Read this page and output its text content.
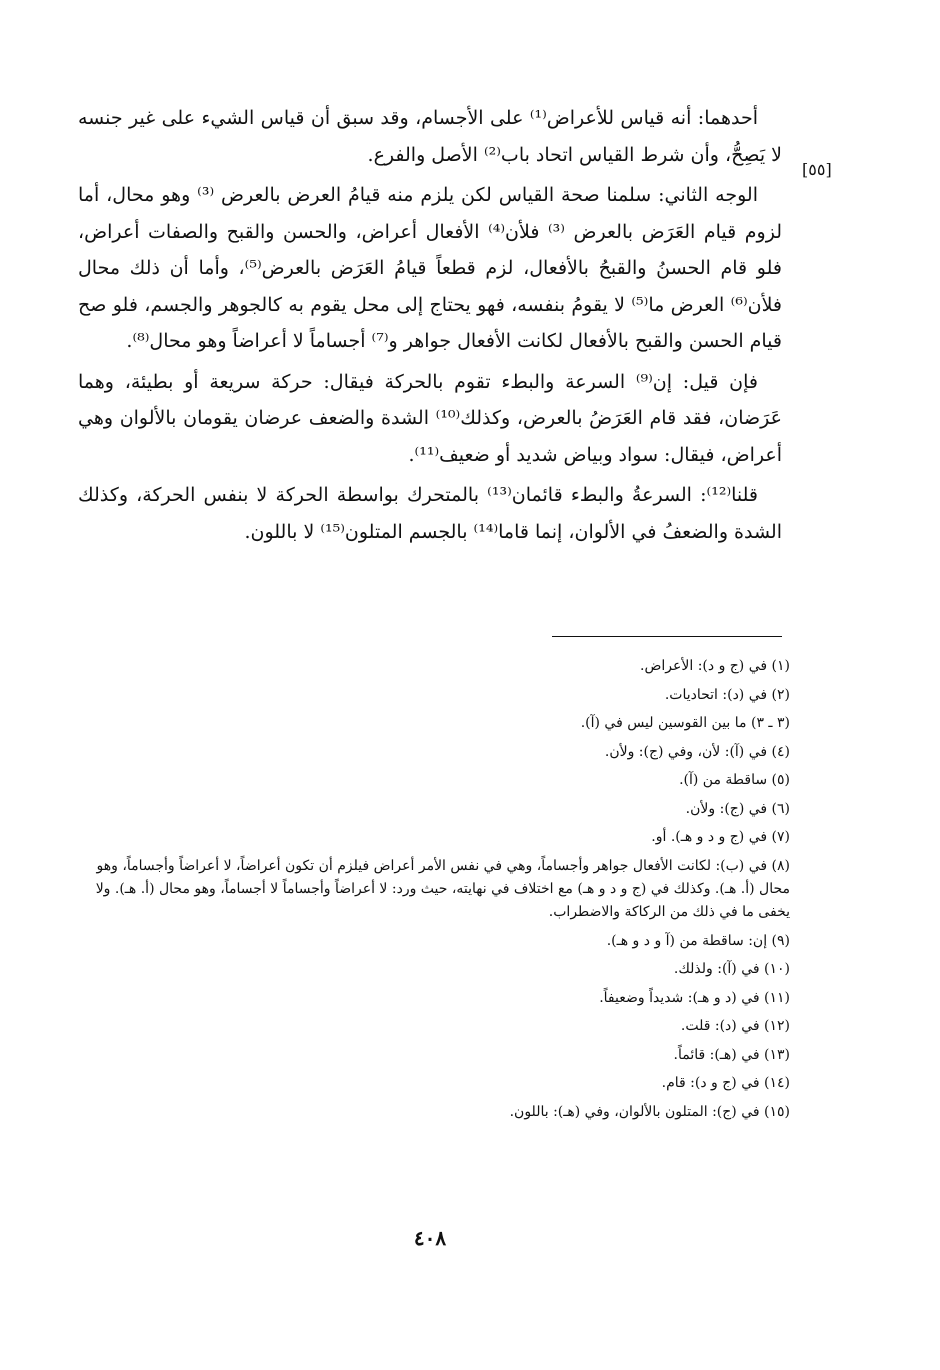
[٥٥]

أحدهما: أنه قياس للأعراض⁽¹⁾ على الأجسام، وقد سبق أن قياس الشيء على غير جنسه لا يَصِحُّ، وأن شرط القياس اتحاد باب⁽²⁾ الأصل والفرع.

الوجه الثاني: سلمنا صحة القياس لكن يلزم منه قيامُ العرض بالعرض ⁽³⁾ وهو محال، أما لزوم قيام العَرَض بالعرض ⁽³⁾ فلأن⁽⁴⁾ الأفعال أعراض، والحسن والقبح والصفات أعراض، فلو قام الحسنُ والقبحُ بالأفعال، لزم قطعاً قيامُ العَرَض بالعرض⁽⁵⁾، وأما أن ذلك محال فلأن⁽⁶⁾ العرض ما⁽⁵⁾ لا يقومُ بنفسه، فهو يحتاج إلى محل يقوم به كالجوهر والجسم، فلو صح قيام الحسن والقبح بالأفعال لكانت الأفعال جواهر و⁽⁷⁾ أجساماً لا أعراضاً وهو محال⁽⁸⁾.

فإن قيل: إن⁽⁹⁾ السرعة والبطء تقوم بالحركة فيقال: حركة سريعة أو بطيئة، وهما عَرَضان، فقد قام العَرَضُ بالعرض، وكذلك⁽¹⁰⁾ الشدة والضعف عرضان يقومان بالألوان وهي أعراض، فيقال: سواد وبياض شديد أو ضعيف⁽¹¹⁾.

قلنا⁽¹²⁾: السرعةُ والبطء قائمان⁽¹³⁾ بالمتحرك بواسطة الحركة لا بنفس الحركة، وكذلك الشدة والضعفُ في الألوان، إنما قاما⁽¹⁴⁾ بالجسم المتلون⁽¹⁵⁾ لا باللون.

(١) في (ج و د): الأعراض.
(٢) في (د): اتحاديات.
(٣ ـ ٣) ما بين القوسين ليس في (آ).
(٤) في (آ): لأن، وفي (ج): ولأن.
(٥) ساقطة من (آ).
(٦) في (ج): ولأن.
(٧) في (ج و د و هـ). أو.
(٨) في (ب): لكانت الأفعال جواهر وأجساماً، وهي في نفس الأمر أعراض فيلزم أن تكون أعراضاً، لا أعراضاً وأجساماً، وهو محال (أ. هـ). وكذلك في (ج و د و هـ) مع اختلاف في نهايته، حيث ورد: لا أعراضاً وأجساماً لا أجساماً، وهو محال (أ. هـ). ولا يخفى ما في ذلك من الركاكة والاضطراب.
(٩) إن: ساقطة من (آ و د و هـ).
(١٠) في (آ): ولذلك.
(١١) في (د و هـ): شديداً وضعيفاً.
(١٢) في (د): قلت.
(١٣) في (هـ): قائماً.
(١٤) في (ج و د): قام.
(١٥) في (ج): المتلون بالألوان، وفي (هـ): باللون.
٤٠٨
